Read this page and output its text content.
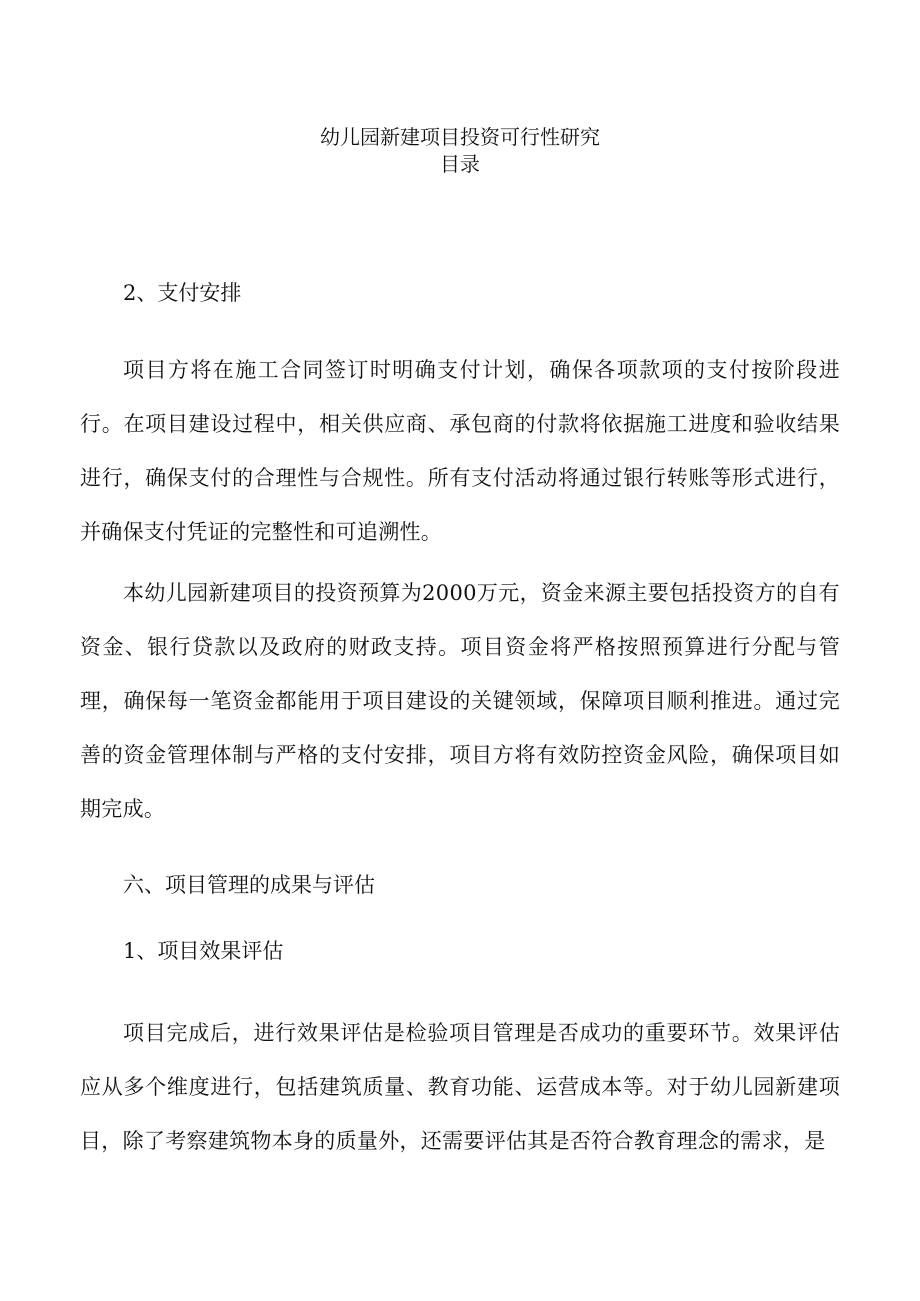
幼儿园新建项目投资可行性研究
目录

2、支付安排

项目方将在施工合同签订时明确支付计划，确保各项款项的支付按阶段进行。在项目建设过程中，相关供应商、承包商的付款将依据施工进度和验收结果进行，确保支付的合理性与合规性。所有支付活动将通过银行转账等形式进行，并确保支付凭证的完整性和可追溯性。

本幼儿园新建项目的投资预算为2000万元，资金来源主要包括投资方的自有资金、银行贷款以及政府的财政支持。项目资金将严格按照预算进行分配与管理，确保每一笔资金都能用于项目建设的关键领域，保障项目顺利推进。通过完善的资金管理体制与严格的支付安排，项目方将有效防控资金风险，确保项目如期完成。

六、项目管理的成果与评估

1、项目效果评估

项目完成后，进行效果评估是检验项目管理是否成功的重要环节。效果评估应从多个维度进行，包括建筑质量、教育功能、运营成本等。对于幼儿园新建项目，除了考察建筑物本身的质量外，还需要评估其是否符合教育理念的需求，是
